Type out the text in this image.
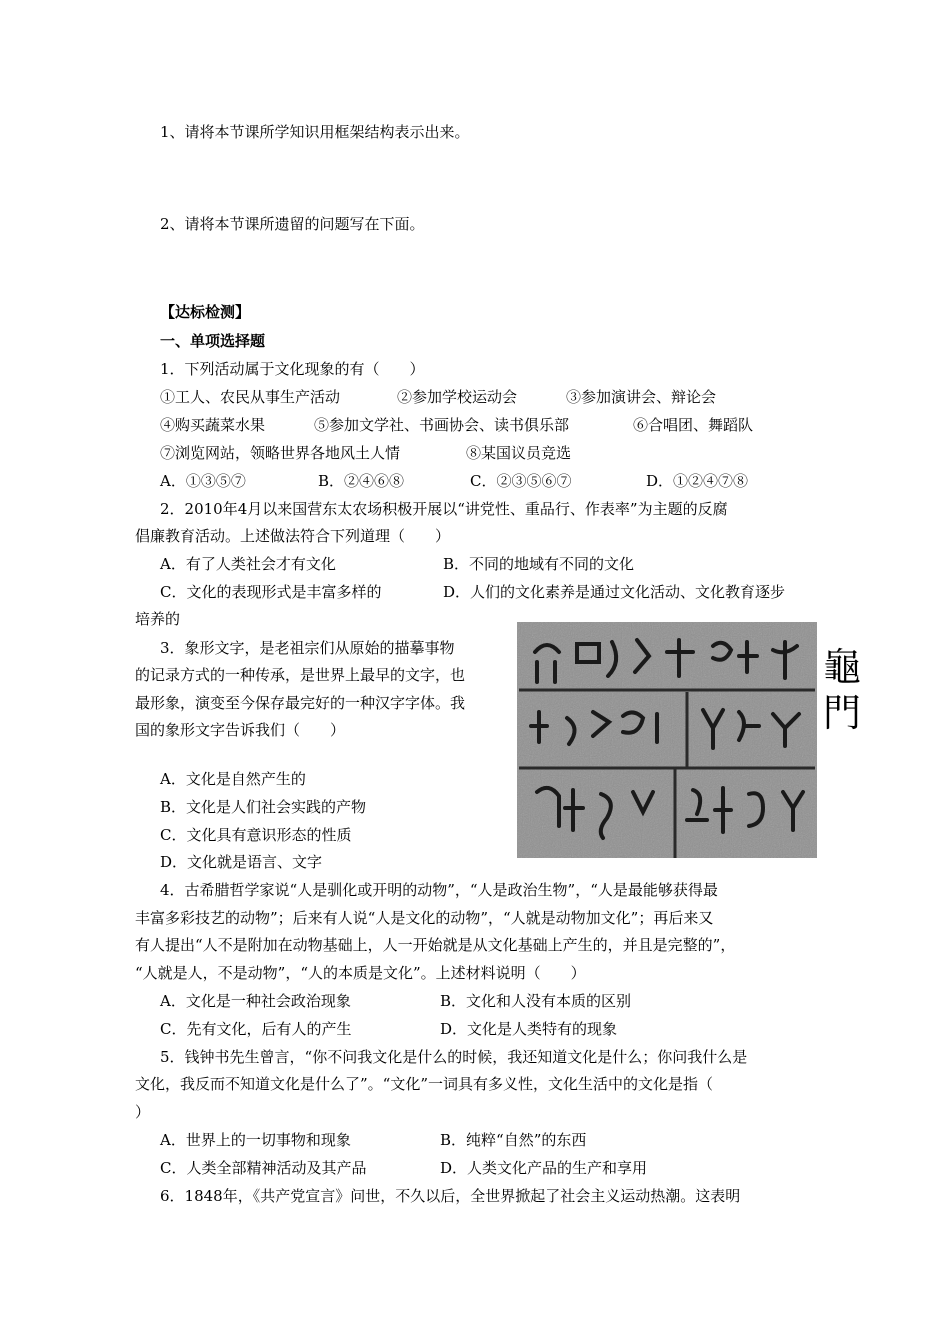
1、请将本节课所学知识用框架结构表示出来。
2、请将本节课所遗留的问题写在下面。
【达标检测】
一、单项选择题
1．下列活动属于文化现象的有（　　）
①工人、农民从事生产活动	②参加学校运动会	③参加演讲会、辩论会
④购买蔬菜水果	⑤参加文学社、书画协会、读书俱乐部	⑥合唱团、舞蹈队
⑦浏览网站，领略世界各地风土人情	⑧某国议员竞选
A．①③⑤⑦	B．②④⑥⑧	C．②③⑤⑥⑦	D．①②④⑦⑧
2．2010年4月以来国营东太农场积极开展以“讲党性、重品行、作表率”为主题的反腐
倡廉教育活动。上述做法符合下列道理（　　）
A．有了人类社会才有文化	B．不同的地域有不同的文化
C．文化的表现形式是丰富多样的	D．人们的文化素养是通过文化活动、文化教育逐步
培养的
3．象形文字，是老祖宗们从原始的描摹事物
的记录方式的一种传承，是世界上最早的文字，也
最形象，演变至今保存最完好的一种汉字字体。我
国的象形文字告诉我们（　　）
A．文化是自然产生的
B．文化是人们社会实践的产物
C．文化具有意识形态的性质
D．文化就是语言、文字
龜
門
4．古希腊哲学家说“人是驯化或开明的动物”，“人是政治生物”，“人是最能够获得最
丰富多彩技艺的动物”；后来有人说“人是文化的动物”，“人就是动物加文化”；再后来又
有人提出“人不是附加在动物基础上，人一开始就是从文化基础上产生的，并且是完整的”，
“人就是人，不是动物”，“人的本质是文化”。上述材料说明（　　）
A．文化是一种社会政治现象	B．文化和人没有本质的区别
C．先有文化，后有人的产生	D．文化是人类特有的现象
5．钱钟书先生曾言，“你不问我文化是什么的时候，我还知道文化是什么；你问我什么是
文化，我反而不知道文化是什么了”。“文化”一词具有多义性，文化生活中的文化是指（
）
A．世界上的一切事物和现象	B．纯粹“自然”的东西
C．人类全部精神活动及其产品	D．人类文化产品的生产和享用
6．1848年，《共产党宣言》问世，不久以后，全世界掀起了社会主义运动热潮。这表明
